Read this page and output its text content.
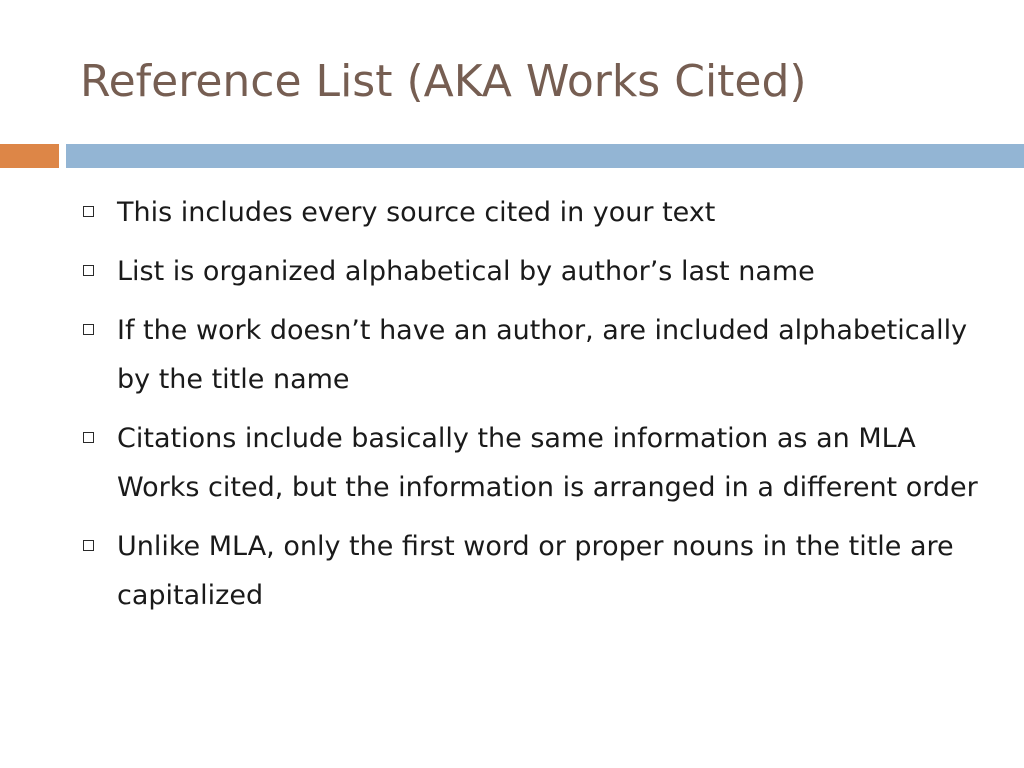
Reference List (AKA Works Cited)
This includes every source cited in your text
List is organized alphabetical by author’s last name
If the work doesn’t have an author, are included alphabetically by the title name
Citations include basically the same information as an MLA Works cited, but the information is arranged in a different order
Unlike MLA, only the first word or proper nouns in the title are capitalized
